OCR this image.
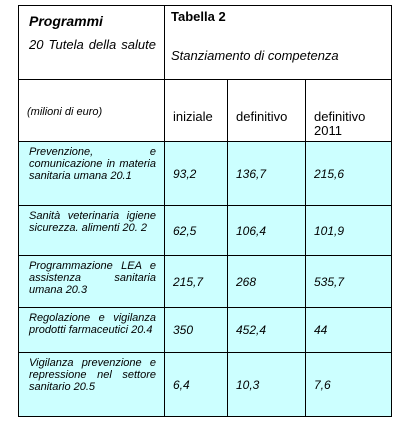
Programmi
20 Tutela della salute	Tabella 2
Stanziamento di competenza		

(milioni di euro)	iniziale	definitivo	definitivo 2011

Prevenzione, e comunicazione in materia sanitaria umana 20.1	93,2	136,7	215,6

Sanità veterinaria igiene sicurezza. alimenti 20. 2	62,5	106,4	101,9

Programmazione LEA e assistenza sanitaria umana 20.3	215,7	268	535,7

Regolazione e vigilanza prodotti farmaceutici 20.4	350	452,4	44

Vigilanza prevenzione e repressione nel settore sanitario 20.5	6,4	10,3	7,6
